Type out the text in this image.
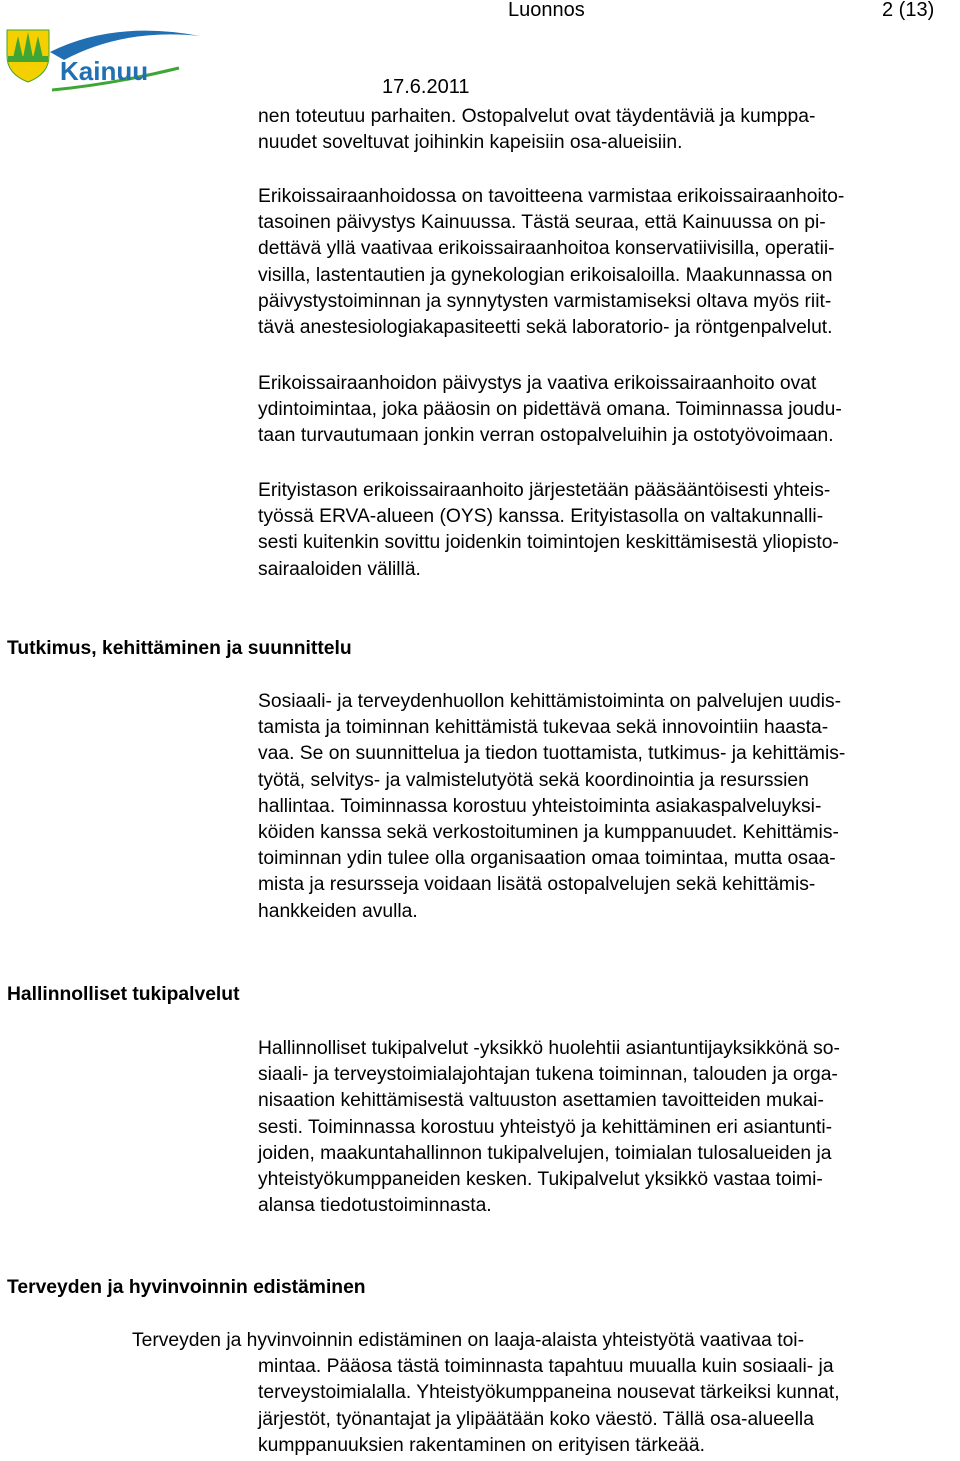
Kainuu
Luonnos	2 (13)
17.6.2011

nen toteutuu parhaiten. Ostopalvelut ovat täydentäviä ja kumppa-
nuudet soveltuvat joihinkin kapeisiin osa-alueisiin.

Erikoissairaanhoidossa on tavoitteena varmistaa erikoissairaanhoito-
tasoinen päivystys Kainuussa. Tästä seuraa, että Kainuussa on pi-
dettävä yllä vaativaa erikoissairaanhoitoa konservatiivisilla, operatii-
visilla, lastentautien ja gynekologian erikoisaloilla. Maakunnassa on
päivystystoiminnan ja synnytysten varmistamiseksi oltava myös riit-
tävä anestesiologiakapasiteetti sekä laboratorio- ja röntgenpalvelut.

Erikoissairaanhoidon päivystys ja vaativa erikoissairaanhoito ovat
ydintoimintaa, joka pääosin on pidettävä omana. Toiminnassa joudu-
taan turvautumaan jonkin verran ostopalveluihin ja ostotyövoimaan.

Erityistason erikoissairaanhoito järjestetään pääsääntöisesti yhteis-
työssä ERVA-alueen (OYS) kanssa. Erityistasolla on valtakunnalli-
sesti kuitenkin sovittu joidenkin toimintojen keskittämisestä yliopisto-
sairaaloiden välillä.

Tutkimus, kehittäminen ja suunnittelu

Sosiaali- ja terveydenhuollon kehittämistoiminta on palvelujen uudis-
tamista ja toiminnan kehittämistä tukevaa sekä innovointiin haasta-
vaa. Se on suunnittelua ja tiedon tuottamista, tutkimus- ja kehittämis-
työtä, selvitys- ja valmistelutyötä sekä koordinointia ja resurssien
hallintaa. Toiminnassa korostuu yhteistoiminta asiakaspalveluyksi-
köiden kanssa sekä verkostoituminen ja kumppanuudet. Kehittämis-
toiminnan ydin tulee olla organisaation omaa toimintaa, mutta osaa-
mista ja resursseja voidaan lisätä ostopalvelujen sekä kehittämis-
hankkeiden avulla.

Hallinnolliset tukipalvelut

Hallinnolliset tukipalvelut -yksikkö huolehtii asiantuntijayksikkönä so-
siaali- ja terveystoimialajohtajan tukena toiminnan, talouden ja orga-
nisaation kehittämisestä valtuuston asettamien tavoitteiden mukai-
sesti. Toiminnassa korostuu yhteistyö ja kehittäminen eri asiantunti-
joiden, maakuntahallinnon tukipalvelujen, toimialan tulosalueiden ja
yhteistyökumppaneiden kesken. Tukipalvelut yksikkö vastaa toimi-
alansa tiedotustoiminnasta.

Terveyden ja hyvinvoinnin edistäminen

Terveyden ja hyvinvoinnin edistäminen on laaja-alaista yhteistyötä vaativaa toi-
mintaa. Pääosa tästä toiminnasta tapahtuu muualla kuin sosiaali- ja
terveystoimialalla. Yhteistyökumppaneina nousevat tärkeiksi kunnat,
järjestöt, työnantajat ja ylipäätään koko väestö. Tällä osa-alueella
kumppanuuksien rakentaminen on erityisen tärkeää.
